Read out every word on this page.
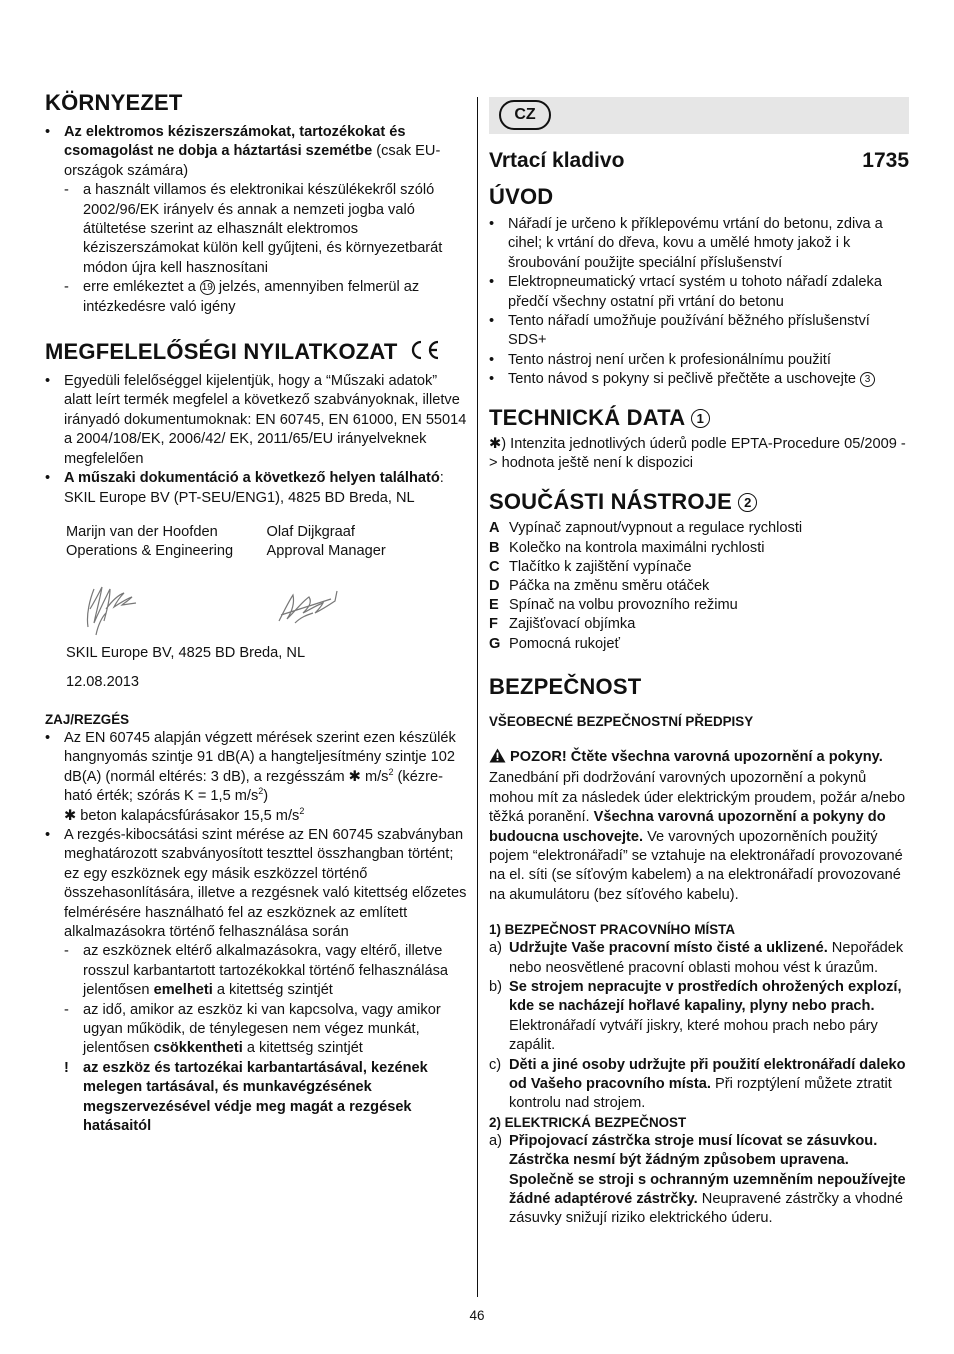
KÖRNYEZET
• Az elektromos kéziszerszámokat, tartozékokat és csomagolást ne dobja a háztartási szemétbe (csak EU-országok számára)
- a használt villamos és elektronikai készülékekről szóló 2002/96/EK irányelv és annak a nemzeti jogba való átültetése szerint az elhasznált elektromos kéziszerszámokat külön kell gyűjteni, és környezetbarát módon újra kell hasznosítani
- erre emlékeztet a 19 jelzés, amennyiben felmerül az intézkedésre való igény
MEGFELELŐSÉGI NYILATKOZAT
• Egyedüli felelőséggel kijelentjük, hogy a “Műszaki adatok” alatt leírt termék megfelel a következő szabványoknak, illetve irányadó dokumentumoknak: EN 60745, EN 61000, EN 55014 a 2004/108/EK, 2006/42/ EK, 2011/65/EU irányelveknek megfelelően
• A műszaki dokumentáció a következő helyen található: SKIL Europe BV (PT-SEU/ENG1), 4825 BD Breda, NL
Marijn van der Hoofden
Operations & Engineering
Olaf Dijkgraaf
Approval Manager
SKIL Europe BV, 4825 BD Breda, NL
12.08.2013
ZAJ/REZGÉS
• Az EN 60745 alapján végzett mérések szerint ezen készülék hangnyomás szintje 91 dB(A) a hangteljesítmény szintje 102 dB(A) (normál eltérés: 3 dB), a rezgésszám ✱ $m/s^2$ (kézre-ható érték; szórás K = 1,5 $m/s^2$)
✱ beton kalapácsfúrásakor 15,5 $m/s^2$
• A rezgés-kibocsátási szint mérése az EN 60745 szabványban meghatározott szabványosított teszttel összhangban történt; ez egy eszköznek egy másik eszközzel történő összehasonlítására, illetve a rezgésnek való kitettség előzetes felmérésére használható fel az eszköznek az említett alkalmazásokra történő felhasználása során
- az eszköznek eltérő alkalmazásokra, vagy eltérő, illetve rosszul karbantartott tartozékokkal történő felhasználása jelentősen emelheti a kitettség szintjét
- az idő, amikor az eszköz ki van kapcsolva, vagy amikor ugyan működik, de ténylegesen nem végez munkát, jelentősen csökkentheti a kitettség szintjét
! az eszköz és tartozékai karbantartásával, kezének melegen tartásával, és munkavégzésének megszervezésével védje meg magát a rezgések hatásaitól
CZ
Vrtací kladivo	1735
ÚVOD
• Nářadí je určeno k příklepovému vrtání do betonu, zdiva a cihel; k vrtání do dřeva, kovu a umělé hmoty jakož i k šroubování použijte speciální příslušenství
• Elektropneumatický vrtací systém u tohoto nářadí zdaleka předčí všechny ostatní při vrtání do betonu
• Tento nářadí umožňuje používání běžného příslušenství SDS+
• Tento nástroj není určen k profesionálnímu použití
• Tento návod s pokyny si pečlivě přečtěte a uschovejte 3
TECHNICKÁ DATA 1

✱) Intenzita jednotlivých úderů podle EPTA-Procedure 05/2009 -> hodnota ještě není k dispozici

SOUČÁSTI NÁSTROJE 2
A Vypínač zapnout/vypnout a regulace rychlosti
B Kolečko na kontrola maximálni rychlosti
C Tlačítko k zajištění vypínače
D Páčka na změnu směru otáček
E Spínač na volbu provozního režimu
F Zajišťovací objímka
G Pomocná rukojeť
BEZPEČNOST
VŠEOBECNÉ BEZPEČNOSTNÍ PŘEDPISY

POZOR! Čtěte všechna varovná upozornění a pokyny. Zanedbání při dodržování varovných upozornění a pokynů mohou mít za následek úder elektrickým proudem, požár a/nebo těžká poranění. Všechna varovná upozornění a pokyny do budoucna uschovejte. Ve varovných upozorněních použitý pojem “elektronářadí” se vztahuje na elektronářadí provozované na el. síti (se síťovým kabelem) a na elektronářadí provozované na akumulátoru (bez síťového kabelu).

1) BEZPEČNOST PRACOVNÍHO MÍSTA
a) Udržujte Vaše pracovní místo čisté a uklizené. Nepořádek nebo neosvětlené pracovní oblasti mohou vést k úrazům.
b) Se strojem nepracujte v prostředích ohrožených explozí, kde se nacházejí hořlavé kapaliny, plyny nebo prach. Elektronářadí vytváří jiskry, které mohou prach nebo páry zapálit.
c) Děti a jiné osoby udržujte při použití elektronářadí daleko od Vašeho pracovního místa. Při rozptýlení můžete ztratit kontrolu nad strojem.
2) ELEKTRICKÁ BEZPEČNOST
a) Připojovací zástrčka stroje musí lícovat se zásuvkou. Zástrčka nesmí být žádným způsobem upravena. Společně se stroji s ochranným uzemněním nepoužívejte žádné adaptérové zástrčky. Neupravené zástrčky a vhodné zásuvky snižují riziko elektrického úderu.
46
